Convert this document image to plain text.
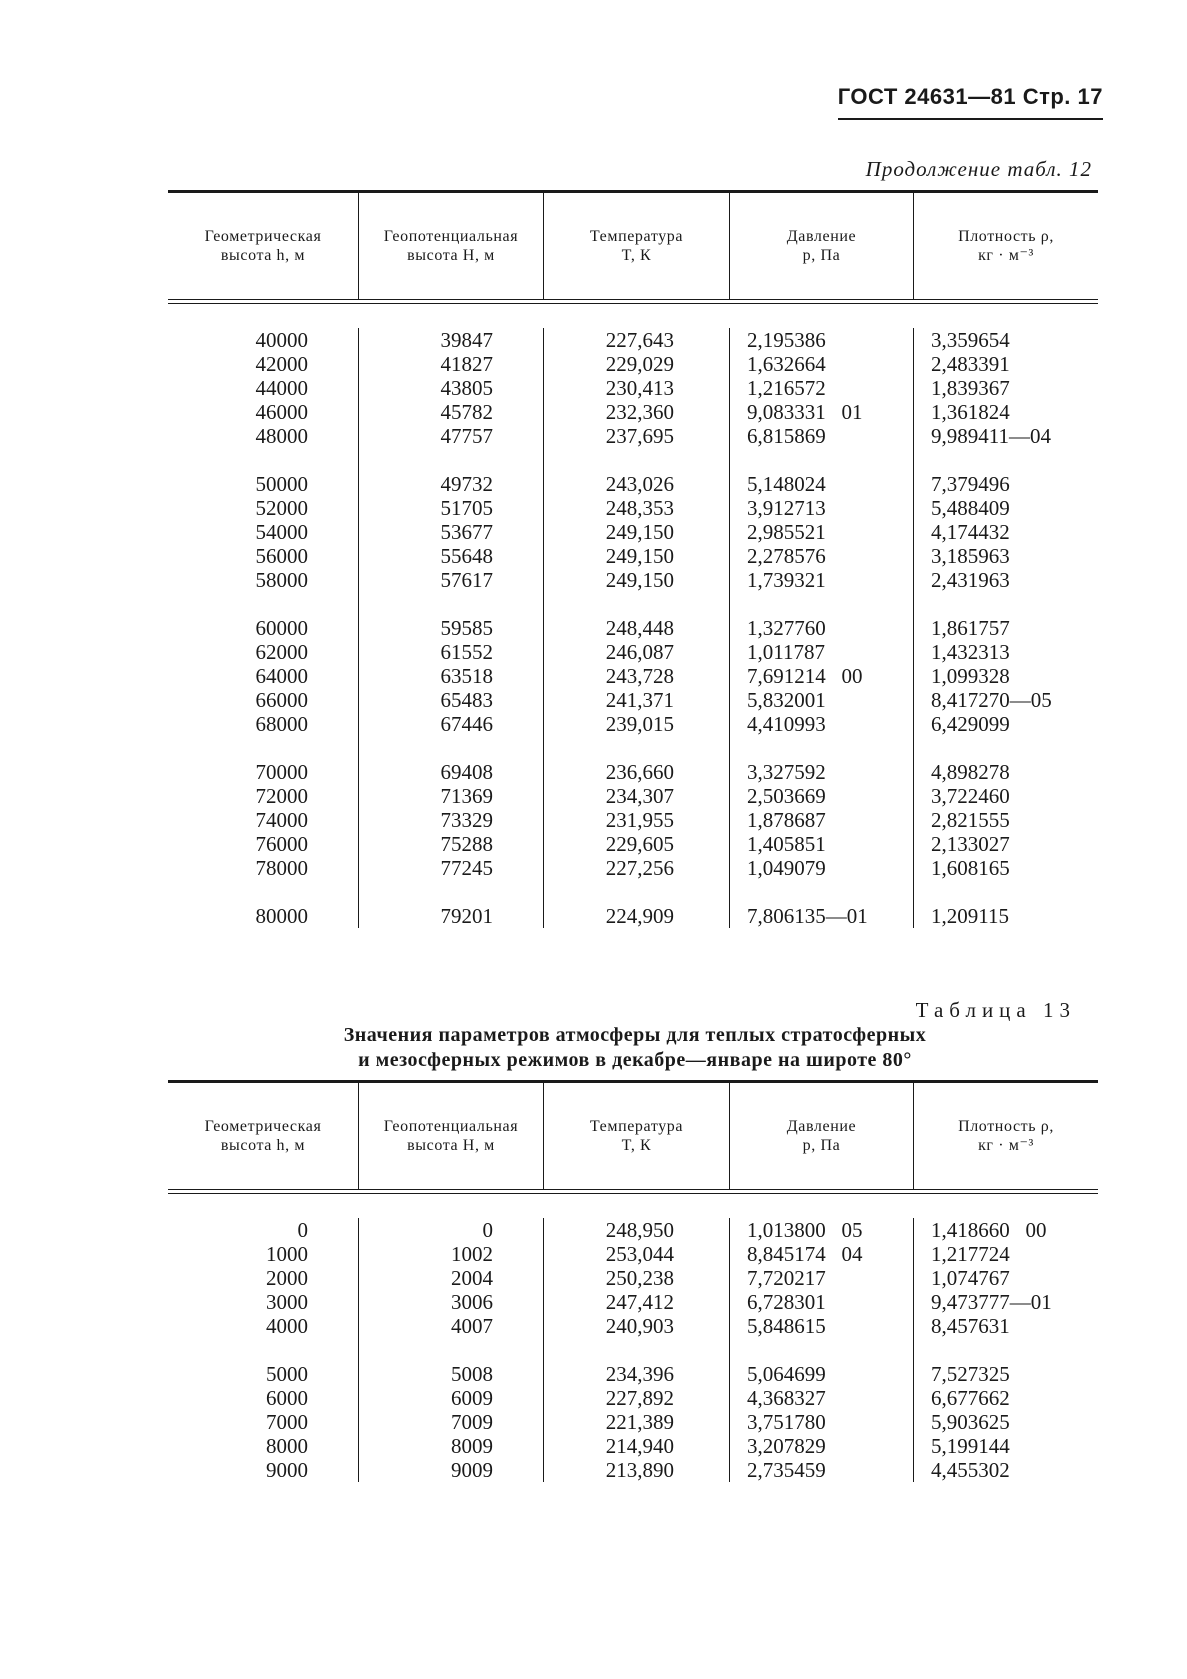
ГОСТ 24631—81 Стр. 17
Продолжение табл. 12
Геометрическая
высота h, м
Геопотенциальная
высота H, м
Температура
T, К
Давление
p, Па
Плотность ρ,
кг · м⁻³
40000
42000
44000
46000
48000
50000
52000
54000
56000
58000
60000
62000
64000
66000
68000
70000
72000
74000
76000
78000
80000
39847
41827
43805
45782
47757
49732
51705
53677
55648
57617
59585
61552
63518
65483
67446
69408
71369
73329
75288
77245
79201
227,643
229,029
230,413
232,360
237,695
243,026
248,353
249,150
249,150
249,150
248,448
246,087
243,728
241,371
239,015
236,660
234,307
231,955
229,605
227,256
224,909
2,195386
1,632664
1,216572
9,083331   01
6,815869
5,148024
3,912713
2,985521
2,278576
1,739321
1,327760
1,011787
7,691214   00
5,832001
4,410993
3,327592
2,503669
1,878687
1,405851
1,049079
7,806135—01
3,359654
2,483391
1,839367
1,361824
9,989411—04
7,379496
5,488409
4,174432
3,185963
2,431963
1,861757
1,432313
1,099328
8,417270—05
6,429099
4,898278
3,722460
2,821555
2,133027
1,608165
1,209115
Таблица 13
Значения параметров атмосферы для теплых стратосферных
и мезосферных режимов в декабре—январе на широте 80°
Геометрическая
высота h, м
Геопотенциальная
высота H, м
Температура
T, К
Давление
p, Па
Плотность ρ,
кг · м⁻³
0
1000
2000
3000
4000
5000
6000
7000
8000
9000
0
1002
2004
3006
4007
5008
6009
7009
8009
9009
248,950
253,044
250,238
247,412
240,903
234,396
227,892
221,389
214,940
213,890
1,013800   05
8,845174   04
7,720217
6,728301
5,848615
5,064699
4,368327
3,751780
3,207829
2,735459
1,418660   00
1,217724
1,074767
9,473777—01
8,457631
7,527325
6,677662
5,903625
5,199144
4,455302
